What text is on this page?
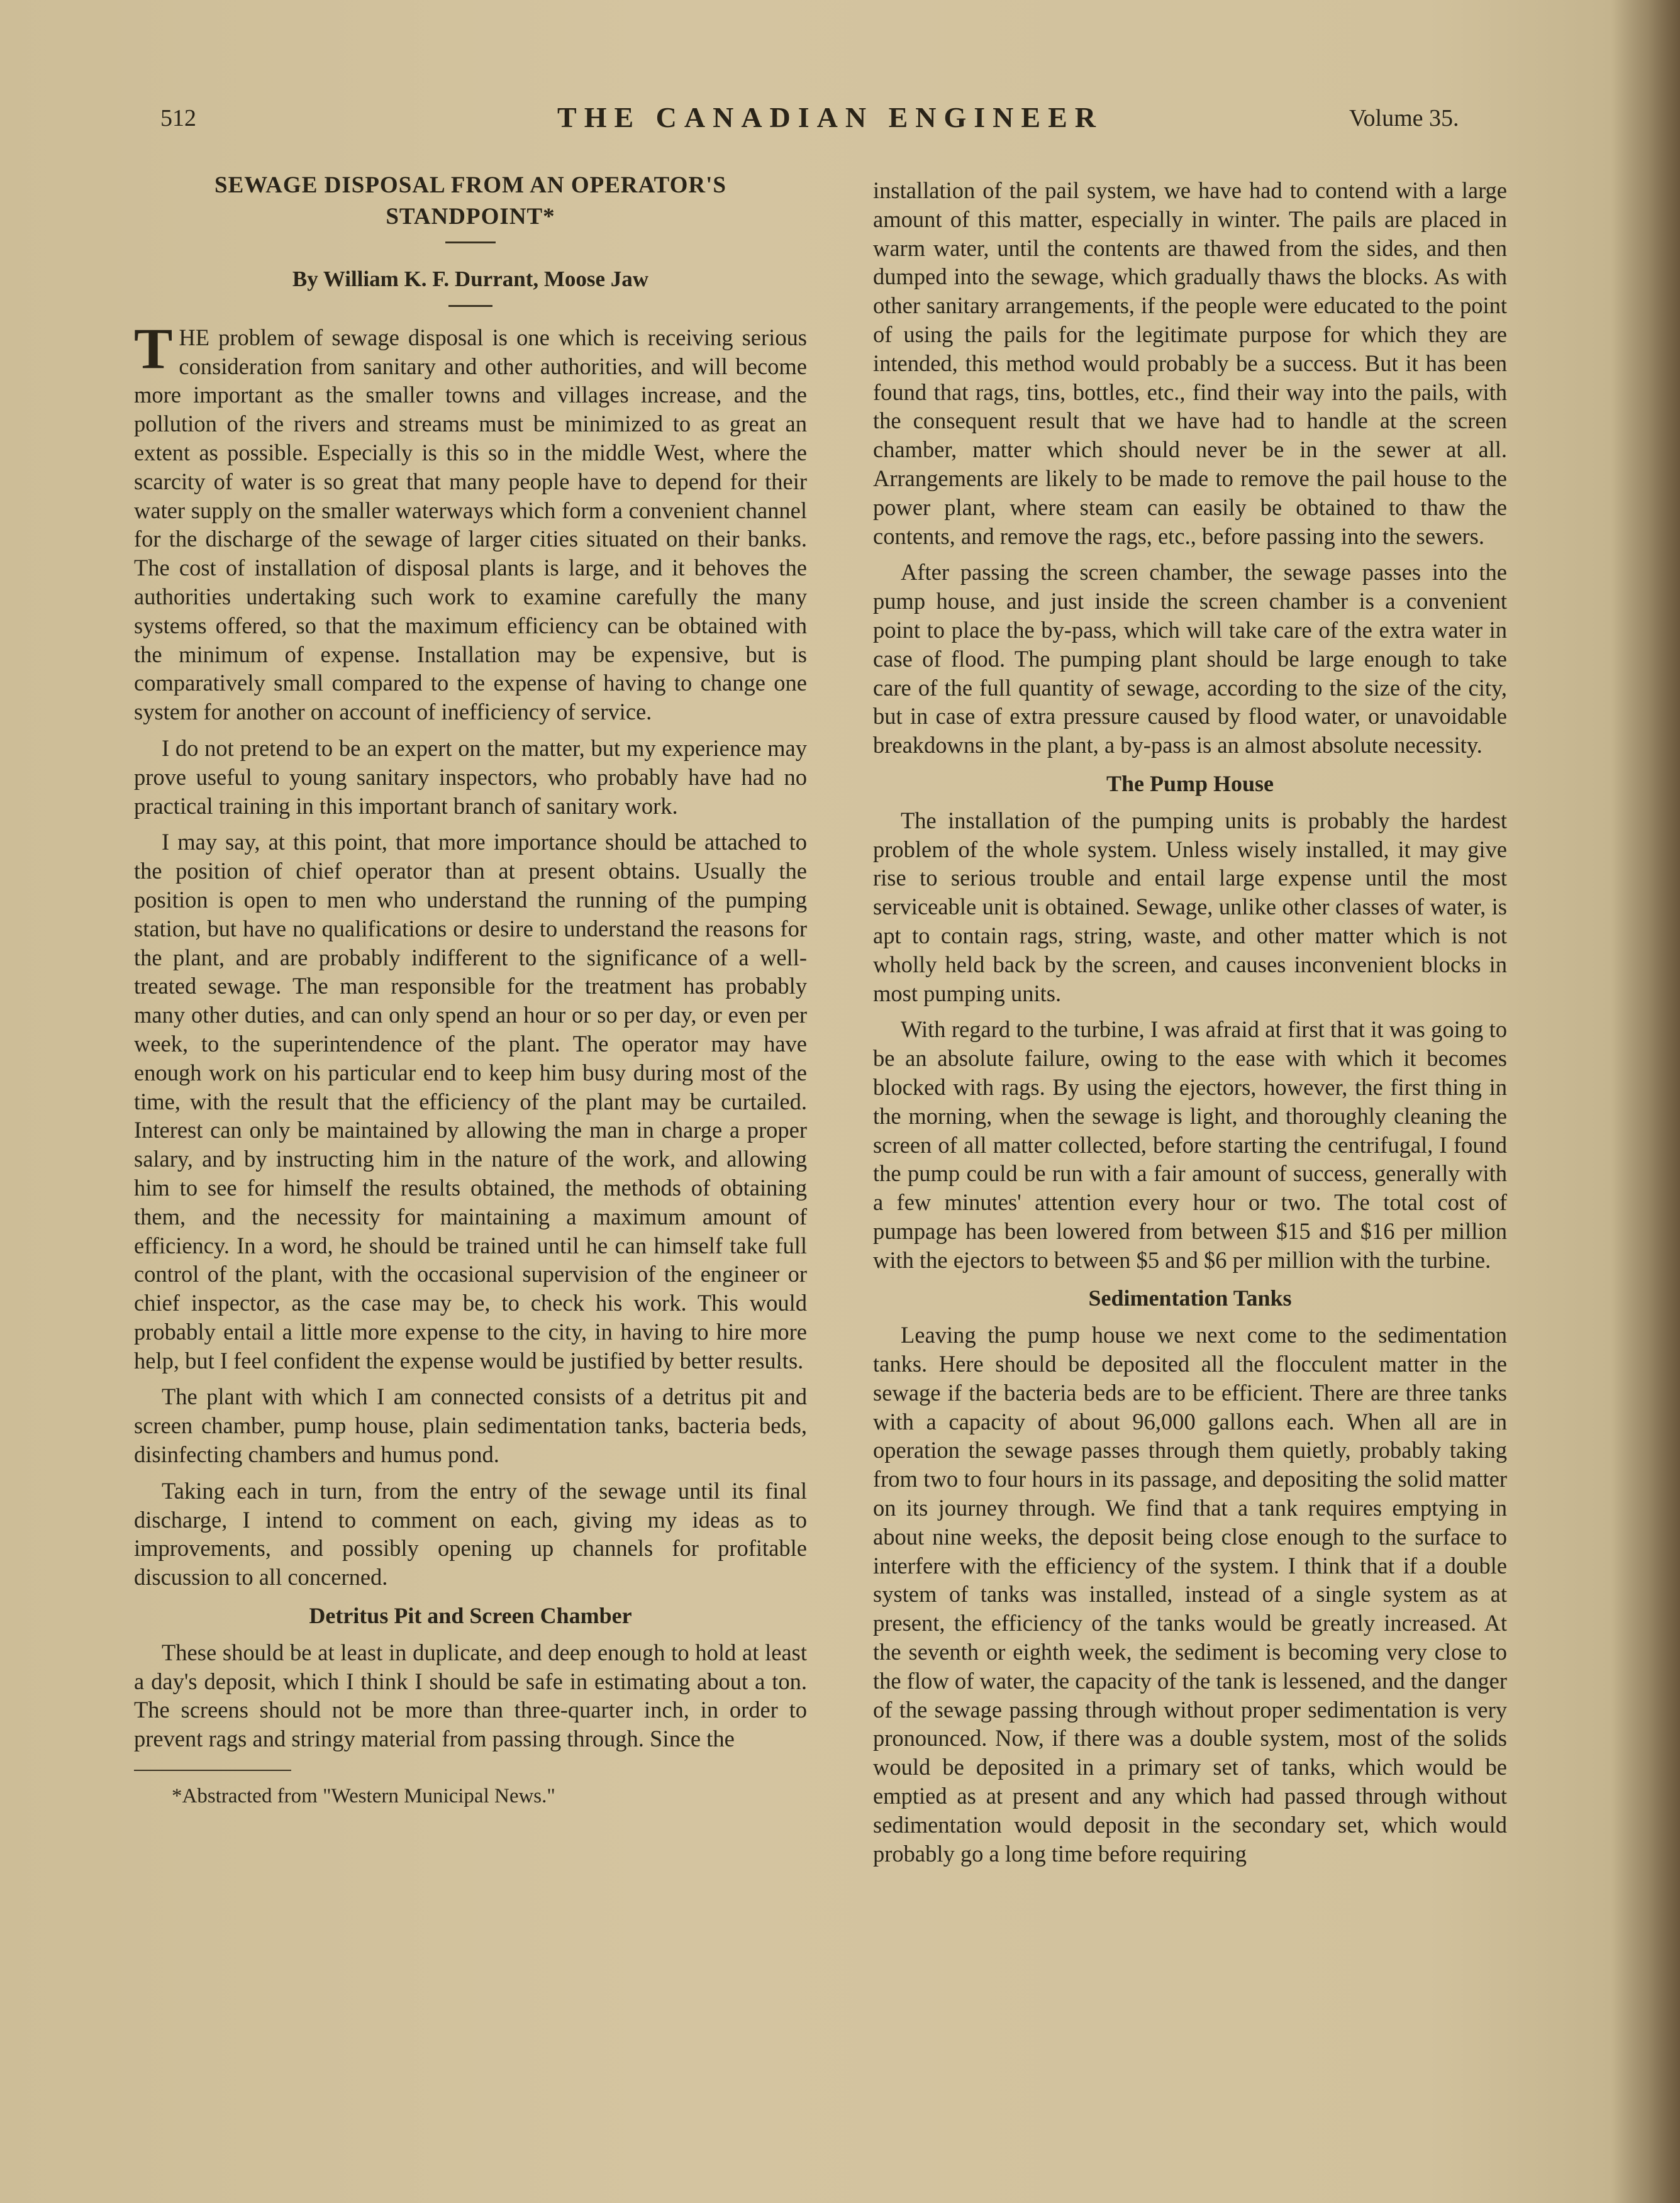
512	THE CANADIAN ENGINEER	Volume 35.
SEWAGE DISPOSAL FROM AN OPERATOR'S
STANDPOINT*
By William K. F. Durrant, Moose Jaw

THE problem of sewage disposal is one which is receiving serious consideration from sanitary and other authorities, and will become more important as the smaller towns and villages increase, and the pollution of the rivers and streams must be minimized to as great an extent as possible. Especially is this so in the middle West, where the scarcity of water is so great that many people have to depend for their water supply on the smaller waterways which form a convenient channel for the discharge of the sewage of larger cities situated on their banks. The cost of installation of disposal plants is large, and it behoves the authorities undertaking such work to examine carefully the many systems offered, so that the maximum efficiency can be obtained with the minimum of expense. Installation may be expensive, but is comparatively small compared to the expense of having to change one system for another on account of inefficiency of service.

I do not pretend to be an expert on the matter, but my experience may prove useful to young sanitary inspectors, who probably have had no practical training in this important branch of sanitary work.

I may say, at this point, that more importance should be attached to the position of chief operator than at present obtains. Usually the position is open to men who understand the running of the pumping station, but have no qualifications or desire to understand the reasons for the plant, and are probably indifferent to the significance of a well-treated sewage. The man responsible for the treatment has probably many other duties, and can only spend an hour or so per day, or even per week, to the superintendence of the plant. The operator may have enough work on his particular end to keep him busy during most of the time, with the result that the efficiency of the plant may be curtailed. Interest can only be maintained by allowing the man in charge a proper salary, and by instructing him in the nature of the work, and allowing him to see for himself the results obtained, the methods of obtaining them, and the necessity for maintaining a maximum amount of efficiency. In a word, he should be trained until he can himself take full control of the plant, with the occasional supervision of the engineer or chief inspector, as the case may be, to check his work. This would probably entail a little more expense to the city, in having to hire more help, but I feel confident the expense would be justified by better results.

The plant with which I am connected consists of a detritus pit and screen chamber, pump house, plain sedimentation tanks, bacteria beds, disinfecting chambers and humus pond.

Taking each in turn, from the entry of the sewage until its final discharge, I intend to comment on each, giving my ideas as to improvements, and possibly opening up channels for profitable discussion to all concerned.

Detritus Pit and Screen Chamber

These should be at least in duplicate, and deep enough to hold at least a day's deposit, which I think I should be safe in estimating about a ton. The screens should not be more than three-quarter inch, in order to prevent rags and stringy material from passing through. Since the

*Abstracted from "Western Municipal News."

installation of the pail system, we have had to contend with a large amount of this matter, especially in winter. The pails are placed in warm water, until the contents are thawed from the sides, and then dumped into the sewage, which gradually thaws the blocks. As with other sanitary arrangements, if the people were educated to the point of using the pails for the legitimate purpose for which they are intended, this method would probably be a success. But it has been found that rags, tins, bottles, etc., find their way into the pails, with the consequent result that we have had to handle at the screen chamber, matter which should never be in the sewer at all. Arrangements are likely to be made to remove the pail house to the power plant, where steam can easily be obtained to thaw the contents, and remove the rags, etc., before passing into the sewers.

After passing the screen chamber, the sewage passes into the pump house, and just inside the screen chamber is a convenient point to place the by-pass, which will take care of the extra water in case of flood. The pumping plant should be large enough to take care of the full quantity of sewage, according to the size of the city, but in case of extra pressure caused by flood water, or unavoidable breakdowns in the plant, a by-pass is an almost absolute necessity.

The Pump House

The installation of the pumping units is probably the hardest problem of the whole system. Unless wisely installed, it may give rise to serious trouble and entail large expense until the most serviceable unit is obtained. Sewage, unlike other classes of water, is apt to contain rags, string, waste, and other matter which is not wholly held back by the screen, and causes inconvenient blocks in most pumping units.

With regard to the turbine, I was afraid at first that it was going to be an absolute failure, owing to the ease with which it becomes blocked with rags. By using the ejectors, however, the first thing in the morning, when the sewage is light, and thoroughly cleaning the screen of all matter collected, before starting the centrifugal, I found the pump could be run with a fair amount of success, generally with a few minutes' attention every hour or two. The total cost of pumpage has been lowered from between $15 and $16 per million with the ejectors to between $5 and $6 per million with the turbine.

Sedimentation Tanks

Leaving the pump house we next come to the sedimentation tanks. Here should be deposited all the flocculent matter in the sewage if the bacteria beds are to be efficient. There are three tanks with a capacity of about 96,000 gallons each. When all are in operation the sewage passes through them quietly, probably taking from two to four hours in its passage, and depositing the solid matter on its journey through. We find that a tank requires emptying in about nine weeks, the deposit being close enough to the surface to interfere with the efficiency of the system. I think that if a double system of tanks was installed, instead of a single system as at present, the efficiency of the tanks would be greatly increased. At the seventh or eighth week, the sediment is becoming very close to the flow of water, the capacity of the tank is lessened, and the danger of the sewage passing through without proper sedimentation is very pronounced. Now, if there was a double system, most of the solids would be deposited in a primary set of tanks, which would be emptied as at present and any which had passed through without sedimentation would deposit in the secondary set, which would probably go a long time before requiring
